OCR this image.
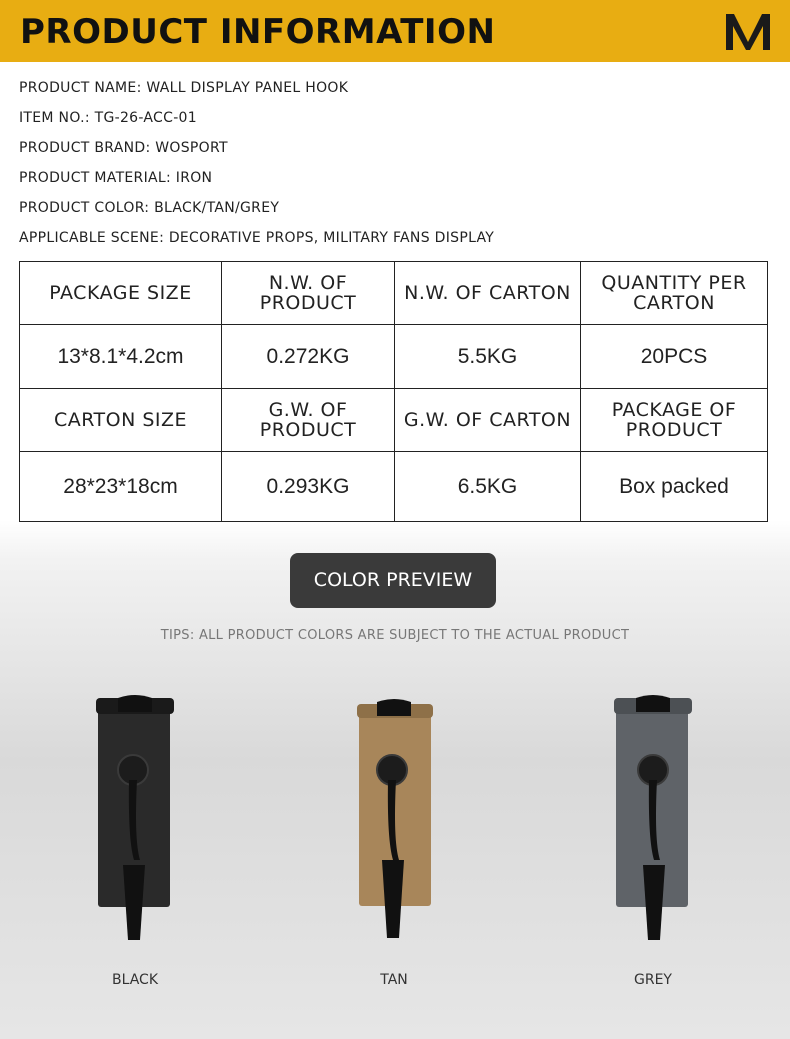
PRODUCT INFORMATION
PRODUCT NAME: WALL DISPLAY PANEL HOOK
ITEM NO.: TG-26-ACC-01
PRODUCT BRAND: WOSPORT
PRODUCT MATERIAL: IRON
PRODUCT COLOR: BLACK/TAN/GREY
APPLICABLE SCENE: DECORATIVE PROPS, MILITARY FANS DISPLAY
PACKAGE SIZE	N.W. OF PRODUCT	N.W. OF CARTON	QUANTITY PER CARTON
13*8.1*4.2cm	0.272KG	5.5KG	20PCS
CARTON SIZE	G.W. OF PRODUCT	G.W. OF CARTON	PACKAGE OF PRODUCT
28*23*18cm	0.293KG	6.5KG	Box packed
COLOR PREVIEW
TIPS: ALL PRODUCT COLORS ARE SUBJECT TO THE ACTUAL PRODUCT
BLACK	TAN	GREY
